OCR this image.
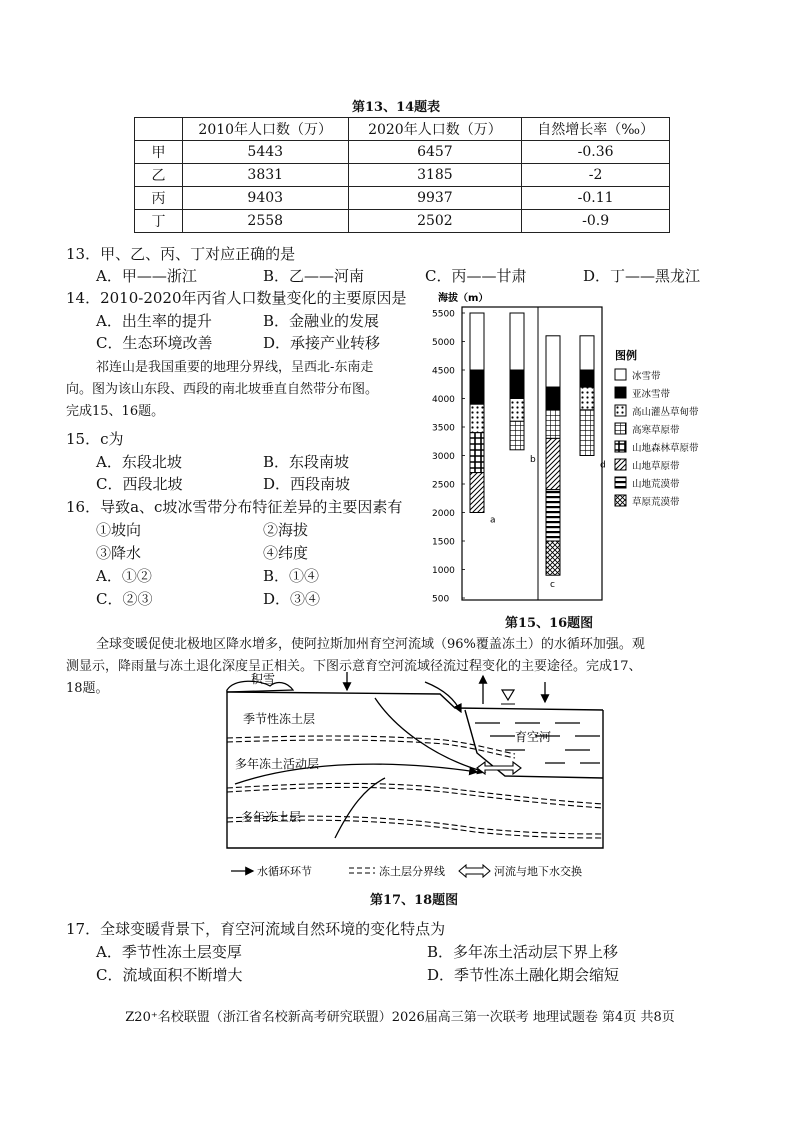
第13、14题表
	2010年人口数（万）	2020年人口数（万）	自然增长率（‰）
甲	5443	6457	-0.36
乙	3831	3185	-2
丙	9403	9937	-0.11
丁	2558	2502	-0.9
13．甲、乙、丙、丁对应正确的是
A．甲——浙江	B．乙——河南	C．丙——甘肃	D．丁——黑龙江
14．2010-2020年丙省人口数量变化的主要原因是
A．出生率的提升	B．金融业的发展
C．生态环境改善	D．承接产业转移
祁连山是我国重要的地理分界线，呈西北-东南走
向。图为该山东段、西段的南北坡垂直自然带分布图。
完成15、16题。
15．c为
A．东段北坡	B．东段南坡
C．西段北坡	D．西段南坡
16．导致a、c坡冰雪带分布特征差异的主要因素有
①坡向	②海拔
③降水	④纬度
A．①②	B．①④
C．②③	D．③④
海拔（m）
5500
5000
4500
4000
3500
3000
2500
2000
1500
1000
500
a
b
c
d
图例
冰雪带
亚冰雪带
高山灌丛草甸带
高寒草原带
山地森林草原带
山地草原带
山地荒漠带
草原荒漠带
第15、16题图
全球变暖促使北极地区降水增多，使阿拉斯加州育空河流域（96%覆盖冻土）的水循环加强。观
测显示，降雨量与冻土退化深度呈正相关。下图示意育空河流域径流过程变化的主要途径。完成17、
18题。
积雪
季节性冻土层
多年冻土活动层
多年冻土层
育空河
水循环环节	冻土层分界线	河流与地下水交换
第17、18题图
17．全球变暖背景下，育空河流域自然环境的变化特点为
A．季节性冻土层变厚	B．多年冻土活动层下界上移
C．流域面积不断增大	D．季节性冻土融化期会缩短
Z20⁺名校联盟（浙江省名校新高考研究联盟）2026届高三第一次联考 地理试题卷 第4页 共8页
